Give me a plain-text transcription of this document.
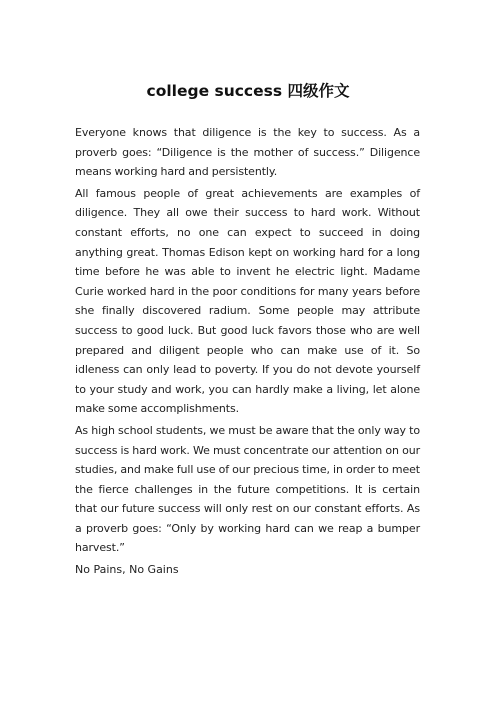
college success 四级作文

Everyone knows that diligence is the key to success. As a proverb goes: “Diligence is the mother of success.” Diligence means working hard and persistently.

All famous people of great achievements are examples of diligence. They all owe their success to hard work. Without constant efforts, no one can expect to succeed in doing anything great. Thomas Edison kept on working hard for a long time before he was able to invent he electric light. Madame Curie worked hard in the poor conditions for many years before she finally discovered radium. Some people may attribute success to good luck. But good luck favors those who are well prepared and diligent people who can make use of it. So idleness can only lead to poverty. If you do not devote yourself to your study and work, you can hardly make a living, let alone make some accomplishments.

As high school students, we must be aware that the only way to success is hard work. We must concentrate our attention on our studies, and make full use of our precious time, in order to meet the fierce challenges in the future competitions. It is certain that our future success will only rest on our constant efforts. As a proverb goes: “Only by working hard can we reap a bumper harvest.”

No Pains, No Gains
